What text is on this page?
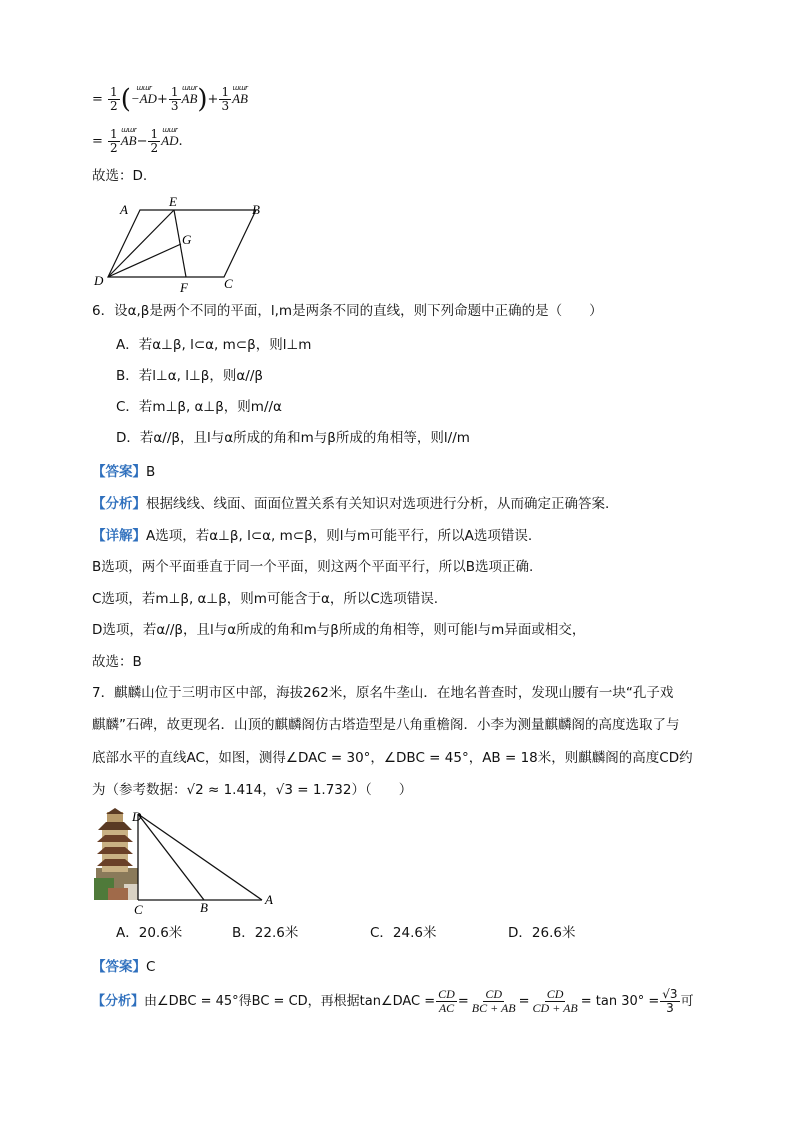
= $\frac{1}{2}$ ( ɯɯr
$-AD+ \frac{1}{3}$ ɯɯr
$AB)+ \frac{1}{3}$ ɯɯr
AB
= $\frac{1}{2}$ ɯɯr
$AB- \frac{1}{2}$ ɯɯr
AD.
故选：D.
A
E
B
G
D	C
F
6．设α,β是两个不同的平面，l,m是两条不同的直线，则下列命题中正确的是（　　）
A．若α⊥β, l⊂α, m⊂β，则l⊥m
B．若l⊥α, l⊥β，则α//β
C．若m⊥β, α⊥β，则m//α
D．若α//β，且l与α所成的角和m与β所成的角相等，则l//m
【答案】B
【分析】根据线线、线面、面面位置关系有关知识对选项进行分析，从而确定正确答案.
【详解】A选项，若α⊥β, l⊂α, m⊂β，则l与m可能平行，所以A选项错误.
B选项，两个平面垂直于同一个平面，则这两个平面平行，所以B选项正确.
C选项，若m⊥β, α⊥β，则m可能含于α，所以C选项错误.
D选项，若α//β，且l与α所成的角和m与β所成的角相等，则可能l与m异面或相交，
故选：B
7．麒麟山位于三明市区中部，海拔262米，原名牛垄山．在地名普查时，发现山腰有一块“孔子戏
麒麟”石碑，故更现名．山顶的麒麟阁仿古塔造型是八角重檐阁．小李为测量麒麟阁的高度选取了与
底部水平的直线AC，如图，测得∠DAC = 30°，∠DBC = 45°，AB = 18米，则麒麟阁的高度CD约
为（参考数据：√2 ≈ 1.414，√3 = 1.732）（　　）
D
C	B
A
A．20.6米	B．22.6米	C．24.6米	D．26.6米
【答案】C
【分析】 由∠DBC = 45°得BC = CD，再根据tan∠DAC = $\frac{CD}{AC} = \frac{CD}{BC + AB} = \frac{CD}{CD + AB} = \tan 30^\circ = \frac{√3}{3}$ 可
